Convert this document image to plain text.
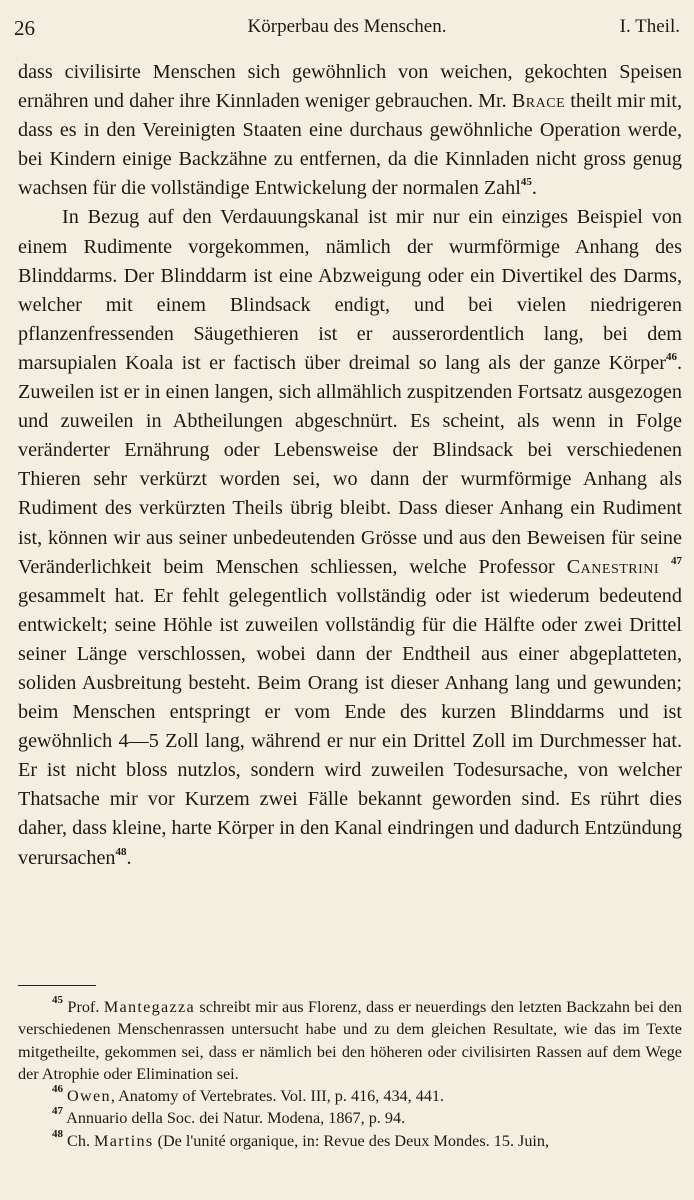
26	Körperbau des Menschen.	I. Theil.

dass civilisirte Menschen sich gewöhnlich von weichen, gekochten Speisen ernähren und daher ihre Kinnladen weniger gebrauchen. Mr. Brace theilt mir mit, dass es in den Vereinigten Staaten eine durchaus gewöhnliche Operation werde, bei Kindern einige Backzähne zu entfernen, da die Kinnladen nicht gross genug wachsen für die vollständige Entwickelung der normalen Zahl$^{45}$.

In Bezug auf den Verdauungskanal ist mir nur ein einziges Beispiel von einem Rudimente vorgekommen, nämlich der wurmförmige Anhang des Blinddarms. Der Blinddarm ist eine Abzweigung oder ein Divertikel des Darms, welcher mit einem Blindsack endigt, und bei vielen niedrigeren pflanzenfressenden Säugethieren ist er ausserordentlich lang, bei dem marsupialen Koala ist er factisch über dreimal so lang als der ganze Körper$^{46}$. Zuweilen ist er in einen langen, sich allmählich zuspitzenden Fortsatz ausgezogen und zuweilen in Abtheilungen abgeschnürt. Es scheint, als wenn in Folge veränderter Ernährung oder Lebensweise der Blindsack bei verschiedenen Thieren sehr verkürzt worden sei, wo dann der wurmförmige Anhang als Rudiment des verkürzten Theils übrig bleibt. Dass dieser Anhang ein Rudiment ist, können wir aus seiner unbedeutenden Grösse und aus den Beweisen für seine Veränderlichkeit beim Menschen schliessen, welche Professor Canestrini $^{47}$ gesammelt hat. Er fehlt gelegentlich vollständig oder ist wiederum bedeutend entwickelt; seine Höhle ist zuweilen vollständig für die Hälfte oder zwei Drittel seiner Länge verschlossen, wobei dann der Endtheil aus einer abgeplatteten, soliden Ausbreitung besteht. Beim Orang ist dieser Anhang lang und gewunden; beim Menschen entspringt er vom Ende des kurzen Blinddarms und ist gewöhnlich 4—5 Zoll lang, während er nur ein Drittel Zoll im Durchmesser hat. Er ist nicht bloss nutzlos, sondern wird zuweilen Todesursache, von welcher Thatsache mir vor Kurzem zwei Fälle bekannt geworden sind. Es rührt dies daher, dass kleine, harte Körper in den Kanal eindringen und dadurch Entzündung verursachen$^{48}$.

$^{45}$ Prof. Mantegazza schreibt mir aus Florenz, dass er neuerdings den letzten Backzahn bei den verschiedenen Menschenrassen untersucht habe und zu dem gleichen Resultate, wie das im Texte mitgetheilte, gekommen sei, dass er nämlich bei den höheren oder civilisirten Rassen auf dem Wege der Atrophie oder Elimination sei.

$^{46}$ Owen, Anatomy of Vertebrates. Vol. III, p. 416, 434, 441.

$^{47}$ Annuario della Soc. dei Natur. Modena, 1867, p. 94.

$^{48}$ Ch. Martins (De l'unité organique, in: Revue des Deux Mondes. 15. Juin,
